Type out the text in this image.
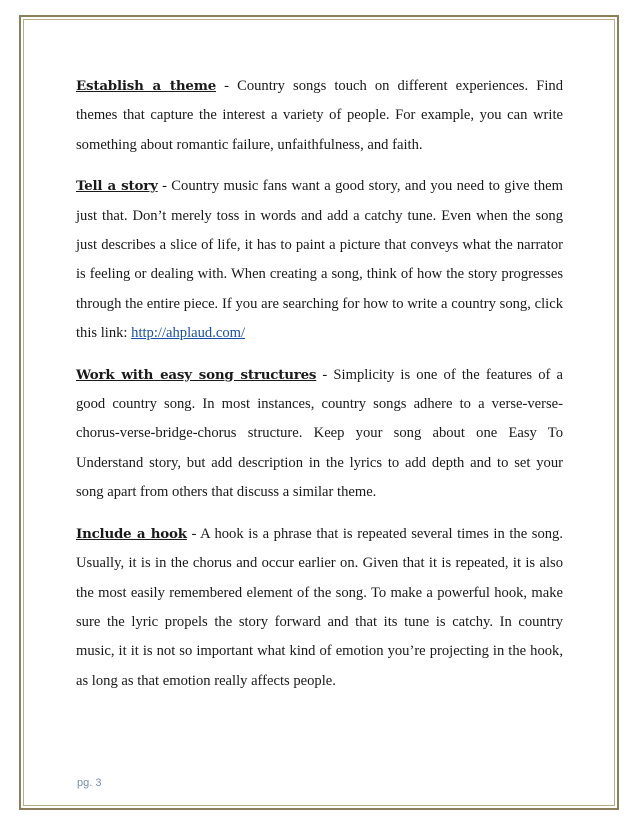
Establish a theme - Country songs touch on different experiences. Find themes that capture the interest a variety of people. For example, you can write something about romantic failure, unfaithfulness, and faith.

Tell a story - Country music fans want a good story, and you need to give them just that. Don’t merely toss in words and add a catchy tune. Even when the song just describes a slice of life, it has to paint a picture that conveys what the narrator is feeling or dealing with. When creating a song, think of how the story progresses through the entire piece. If you are searching for how to write a country song, click this link: http://ahplaud.com/

Work with easy song structures - Simplicity is one of the features of a good country song. In most instances, country songs adhere to a verse-verse-chorus-verse-bridge-chorus structure. Keep your song about one Easy To Understand story, but add description in the lyrics to add depth and to set your song apart from others that discuss a similar theme.

Include a hook - A hook is a phrase that is repeated several times in the song. Usually, it is in the chorus and occur earlier on. Given that it is repeated, it is also the most easily remembered element of the song. To make a powerful hook, make sure the lyric propels the story forward and that its tune is catchy. In country music, it it is not so important what kind of emotion you’re projecting in the hook, as long as that emotion really affects people.

pg. 3
